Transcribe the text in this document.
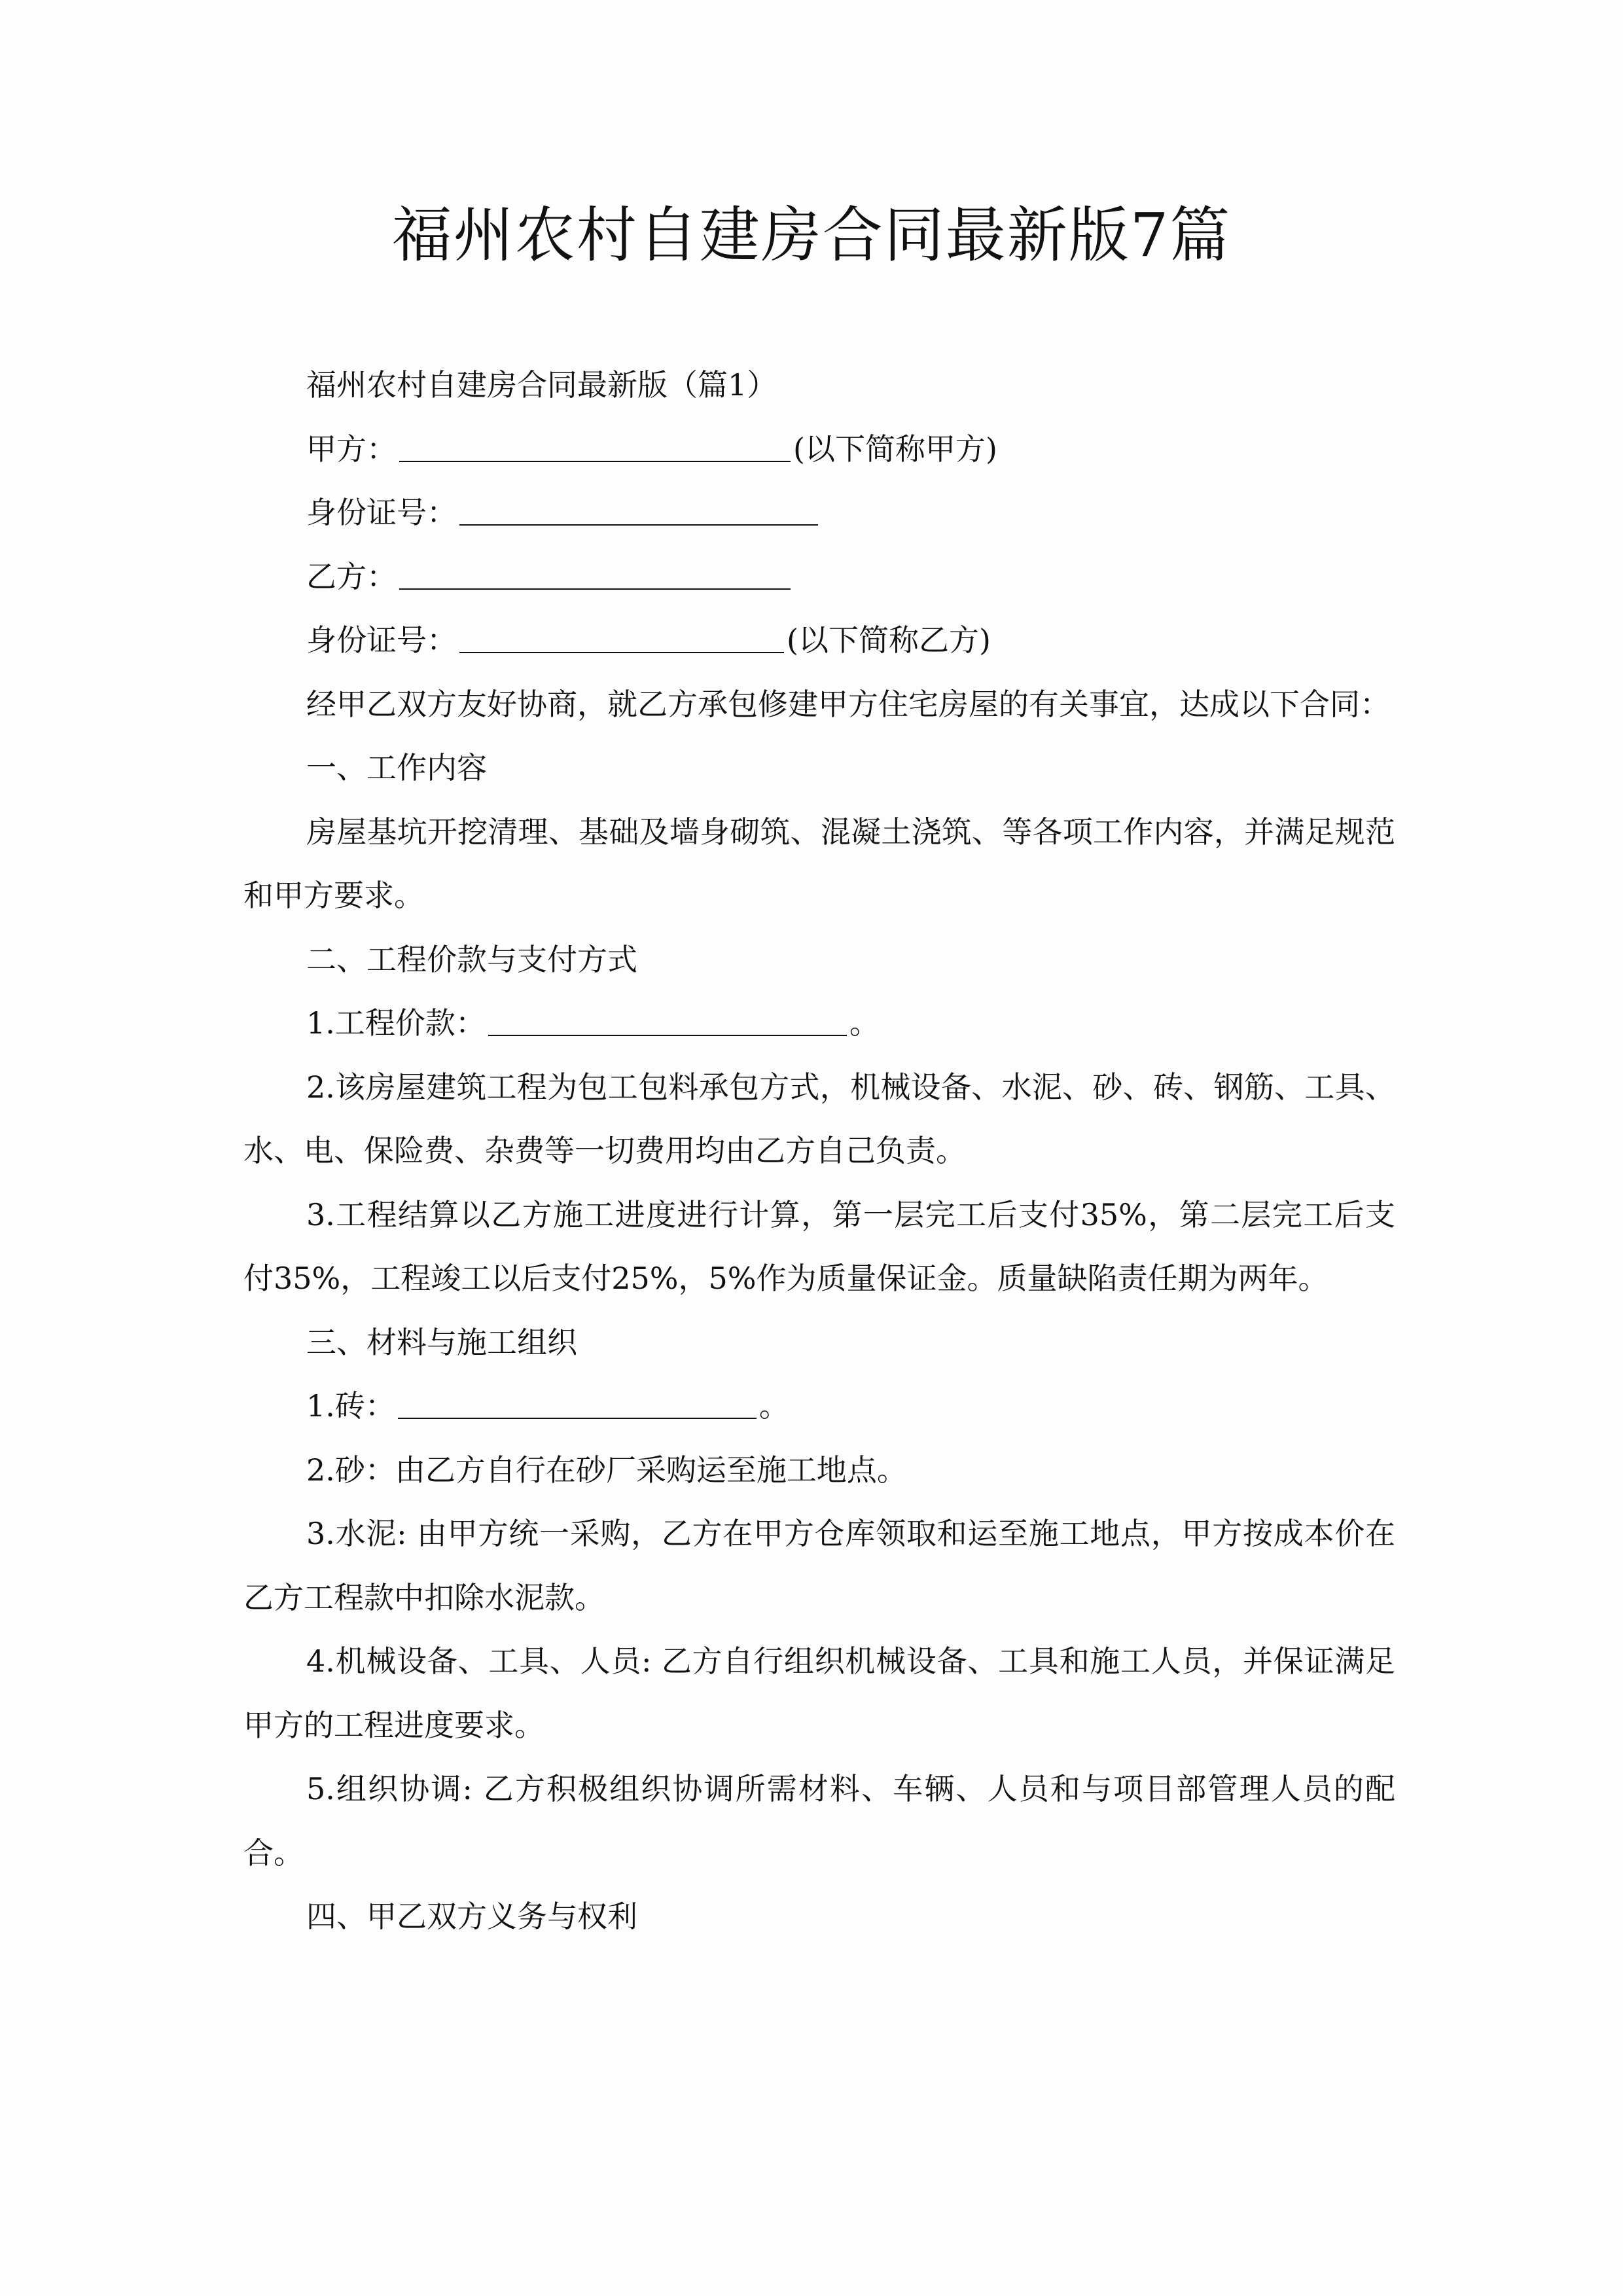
福州农村自建房合同最新版7篇

福州农村自建房合同最新版（篇1）

甲方：	(以下简称甲方)

身份证号：

乙方：

身份证号：	(以下简称乙方)

经甲乙双方友好协商，就乙方承包修建甲方住宅房屋的有关事宜，达成以下合同：

一、工作内容

房屋基坑开挖清理、基础及墙身砌筑、混凝土浇筑、等各项工作内容，并满足规范和甲方要求。

二、工程价款与支付方式

1.工程价款：	。

2.该房屋建筑工程为包工包料承包方式，机械设备、水泥、砂、砖、钢筋、工具、水、电、保险费、杂费等一切费用均由乙方自己负责。

3.工程结算以乙方施工进度进行计算，第一层完工后支付35%，第二层完工后支付35%，工程竣工以后支付25%，5%作为质量保证金。质量缺陷责任期为两年。

三、材料与施工组织

1.砖：	。

2.砂：由乙方自行在砂厂采购运至施工地点。

3.水泥: 由甲方统一采购，乙方在甲方仓库领取和运至施工地点，甲方按成本价在乙方工程款中扣除水泥款。

4.机械设备、工具、人员: 乙方自行组织机械设备、工具和施工人员，并保证满足甲方的工程进度要求。

5.组织协调: 乙方积极组织协调所需材料、车辆、人员和与项目部管理人员的配合。

四、甲乙双方义务与权利
